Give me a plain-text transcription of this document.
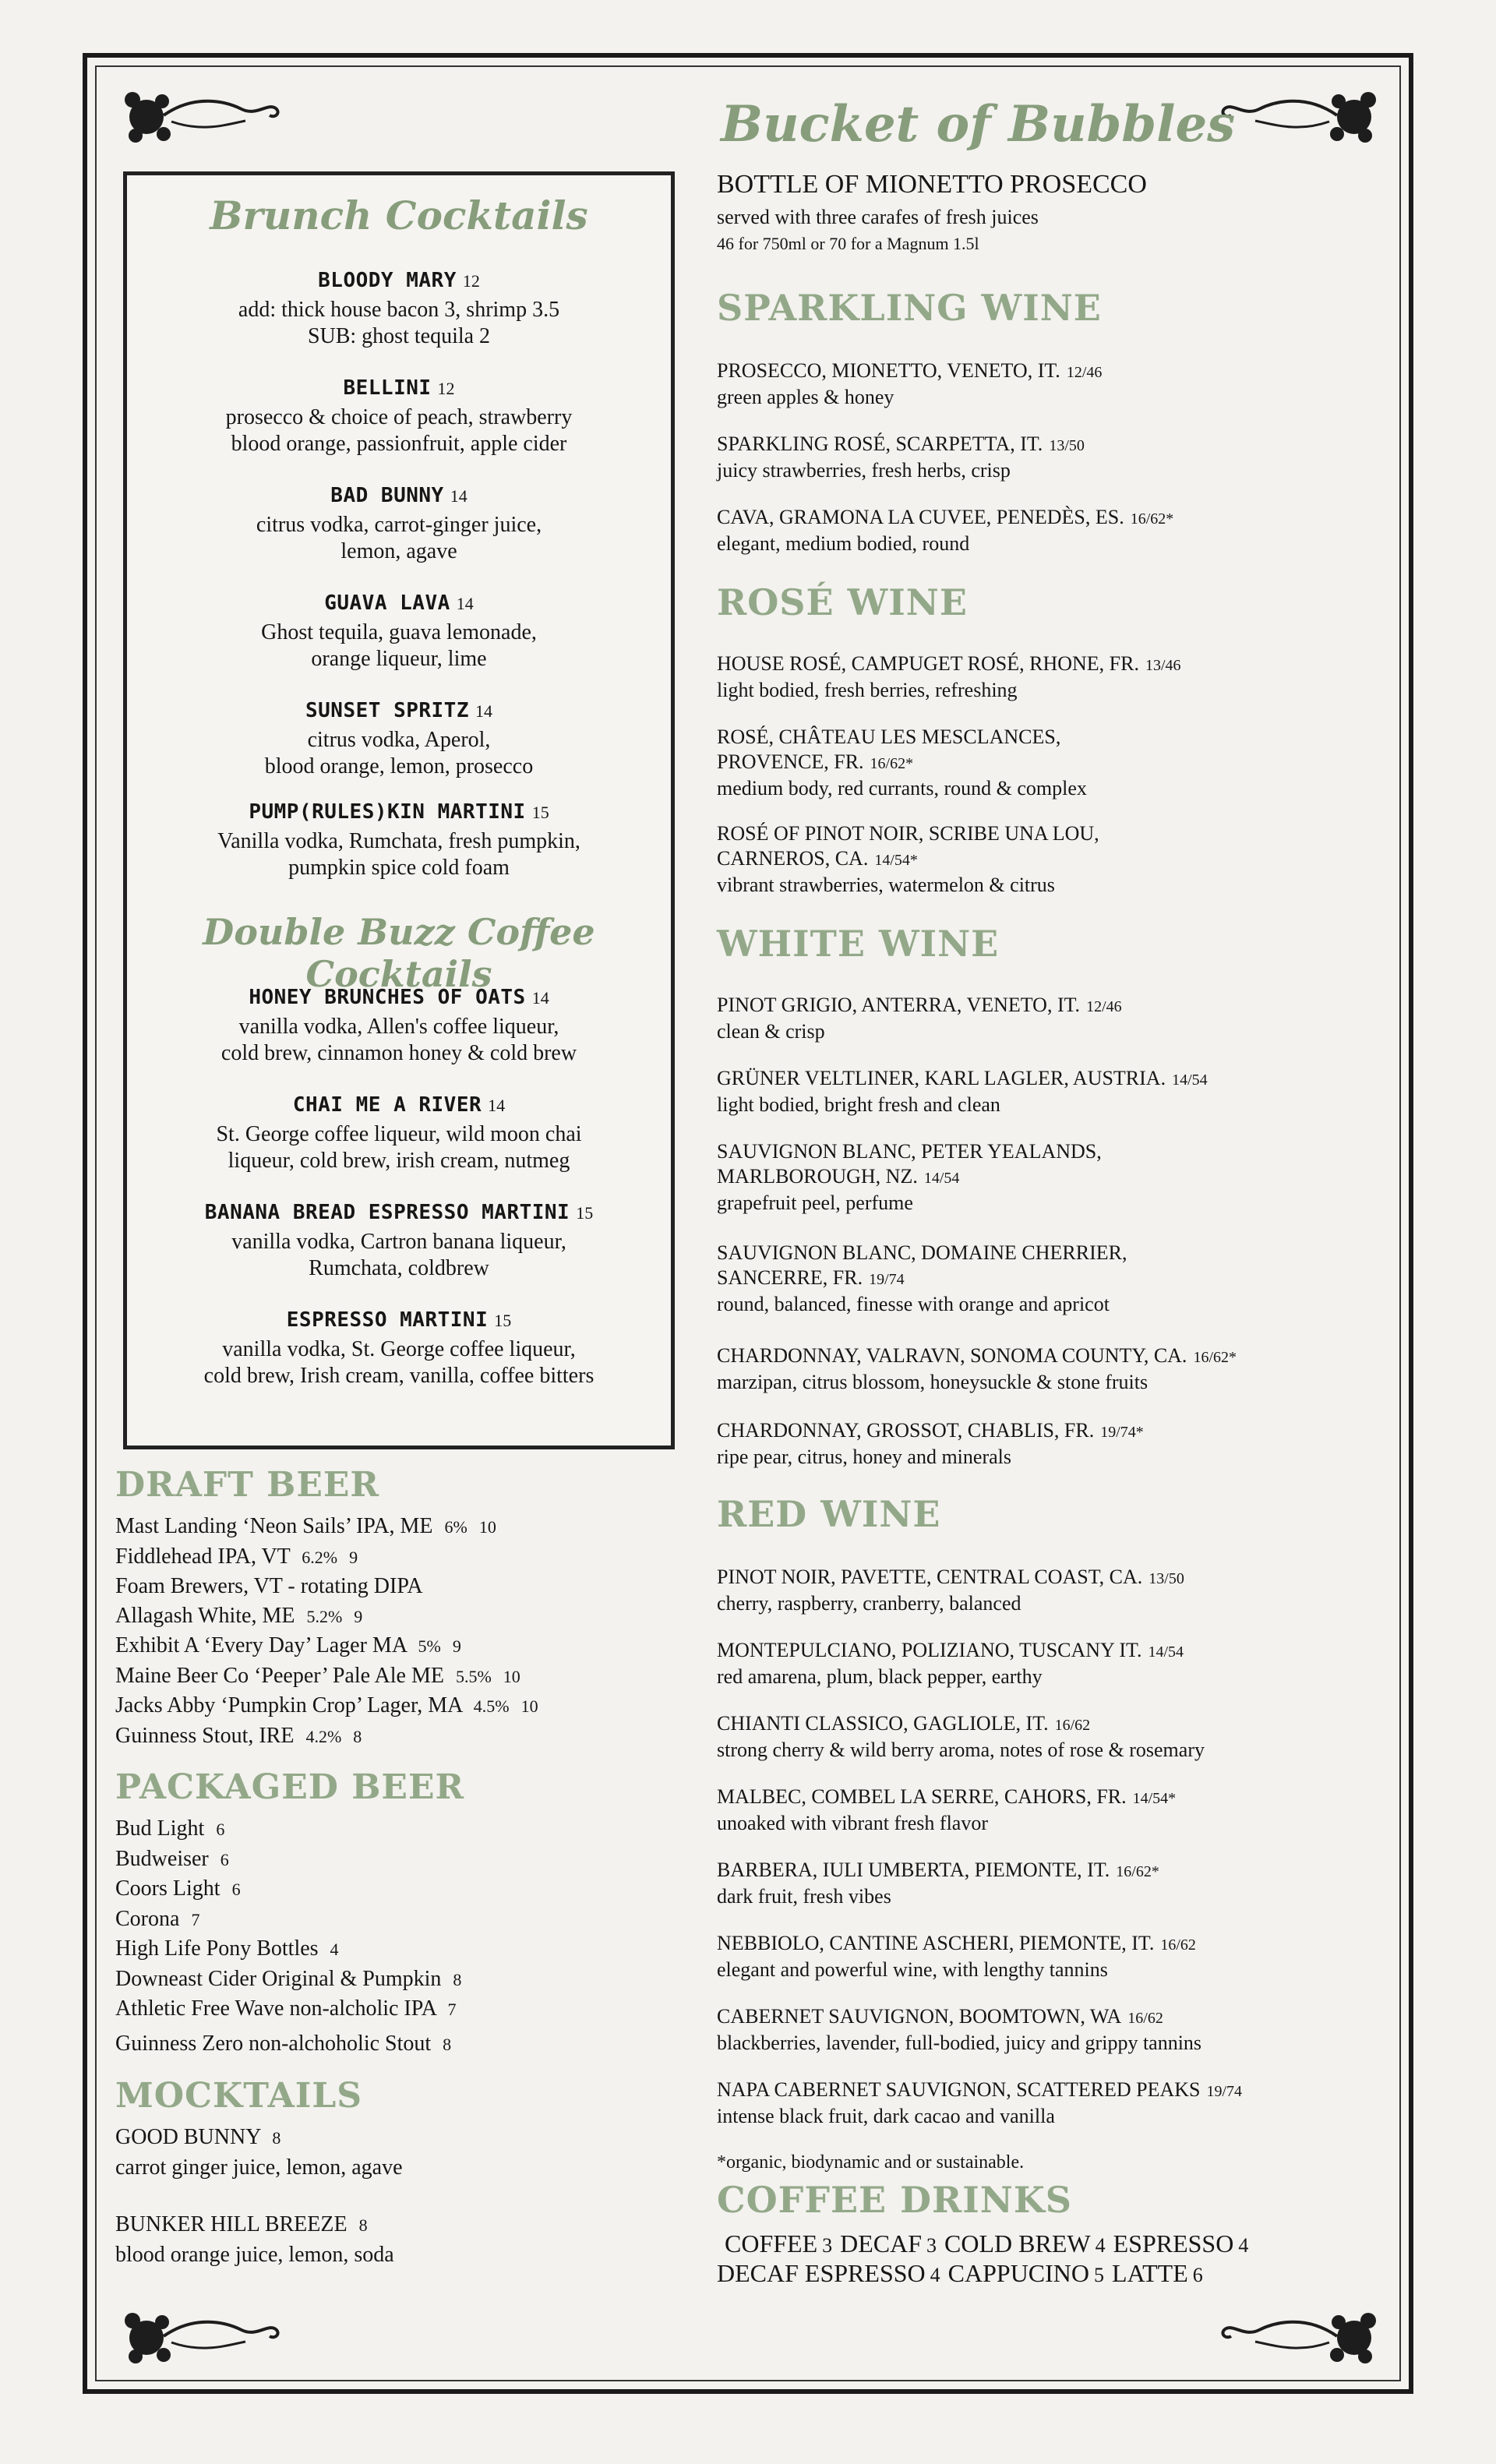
Brunch Cocktails
BLOODY MARY 12
add: thick house bacon 3, shrimp 3.5
SUB: ghost tequila 2
BELLINI 12
prosecco & choice of peach, strawberry
blood orange, passionfruit, apple cider
BAD BUNNY 14
citrus vodka, carrot-ginger juice,
lemon, agave
GUAVA LAVA 14
Ghost tequila, guava lemonade,
orange liqueur, lime
SUNSET SPRITZ 14
citrus vodka, Aperol,
blood orange, lemon, prosecco
PUMP(RULES)KIN MARTINI 15
Vanilla vodka, Rumchata, fresh pumpkin,
pumpkin spice cold foam
Double Buzz Coffee Cocktails
HONEY BRUNCHES OF OATS 14
vanilla vodka, Allen's coffee liqueur,
cold brew, cinnamon honey & cold brew
CHAI ME A RIVER 14
St. George coffee liqueur, wild moon chai
liqueur, cold brew, irish cream, nutmeg
BANANA BREAD ESPRESSO MARTINI 15
vanilla vodka, Cartron banana liqueur,
Rumchata, coldbrew
ESPRESSO MARTINI 15
vanilla vodka, St. George coffee liqueur,
cold brew, Irish cream, vanilla, coffee bitters
DRAFT BEER
Mast Landing ‘Neon Sails’ IPA, ME 6% 10
Fiddlehead IPA, VT 6.2% 9
Foam Brewers, VT - rotating DIPA
Allagash White, ME 5.2% 9
Exhibit A ‘Every Day’ Lager MA 5% 9
Maine Beer Co ‘Peeper’ Pale Ale ME 5.5% 10
Jacks Abby ‘Pumpkin Crop’ Lager, MA 4.5% 10
Guinness Stout, IRE 4.2% 8
PACKAGED BEER
Bud Light 6
Budweiser 6
Coors Light 6
Corona 7
High Life Pony Bottles 4
Downeast Cider Original & Pumpkin 8
Athletic Free Wave non-alcholic IPA 7
Guinness Zero non-alchoholic Stout 8
MOCKTAILS
GOOD BUNNY 8
carrot ginger juice, lemon, agave
BUNKER HILL BREEZE 8
blood orange juice, lemon, soda
Bucket of Bubbles
BOTTLE OF MIONETTO PROSECCO
served with three carafes of fresh juices
46 for 750ml or 70 for a Magnum 1.5l
SPARKLING WINE
PROSECCO, MIONETTO, VENETO, IT. 12/46
green apples & honey
SPARKLING ROSÉ, SCARPETTA, IT. 13/50
juicy strawberries, fresh herbs, crisp
CAVA, GRAMONA LA CUVEE, PENEDÈS, ES. 16/62*
elegant, medium bodied, round
ROSÉ WINE
HOUSE ROSÉ, CAMPUGET ROSÉ, RHONE, FR. 13/46
light bodied, fresh berries, refreshing
ROSÉ, CHÂTEAU LES MESCLANCES,
PROVENCE, FR. 16/62*
medium body, red currants, round & complex
ROSÉ OF PINOT NOIR, SCRIBE UNA LOU,
CARNEROS, CA. 14/54*
vibrant strawberries, watermelon & citrus
WHITE WINE
PINOT GRIGIO, ANTERRA, VENETO, IT. 12/46
clean & crisp
GRÜNER VELTLINER, KARL LAGLER, AUSTRIA. 14/54
light bodied, bright fresh and clean
SAUVIGNON BLANC, PETER YEALANDS,
MARLBOROUGH, NZ. 14/54
grapefruit peel, perfume
SAUVIGNON BLANC, DOMAINE CHERRIER,
SANCERRE, FR. 19/74
round, balanced, finesse with orange and apricot
CHARDONNAY, VALRAVN, SONOMA COUNTY, CA. 16/62*
marzipan, citrus blossom, honeysuckle & stone fruits
CHARDONNAY, GROSSOT, CHABLIS, FR. 19/74*
ripe pear, citrus, honey and minerals
RED WINE
PINOT NOIR, PAVETTE, CENTRAL COAST, CA. 13/50
cherry, raspberry, cranberry, balanced
MONTEPULCIANO, POLIZIANO, TUSCANY IT. 14/54
red amarena, plum, black pepper, earthy
CHIANTI CLASSICO, GAGLIOLE, IT. 16/62
strong cherry & wild berry aroma, notes of rose & rosemary
MALBEC, COMBEL LA SERRE, CAHORS, FR. 14/54*
unoaked with vibrant fresh flavor
BARBERA, IULI UMBERTA, PIEMONTE, IT. 16/62*
dark fruit, fresh vibes
NEBBIOLO, CANTINE ASCHERI, PIEMONTE, IT. 16/62
elegant and powerful wine, with lengthy tannins
CABERNET SAUVIGNON, BOOMTOWN, WA 16/62
blackberries, lavender, full-bodied, juicy and grippy tannins
NAPA CABERNET SAUVIGNON, SCATTERED PEAKS 19/74
intense black fruit, dark cacao and vanilla
*organic, biodynamic and or sustainable.
COFFEE DRINKS
COFFEE 3 DECAF 3 COLD BREW 4 ESPRESSO 4
DECAF ESPRESSO 4 CAPPUCINO 5 LATTE 6
